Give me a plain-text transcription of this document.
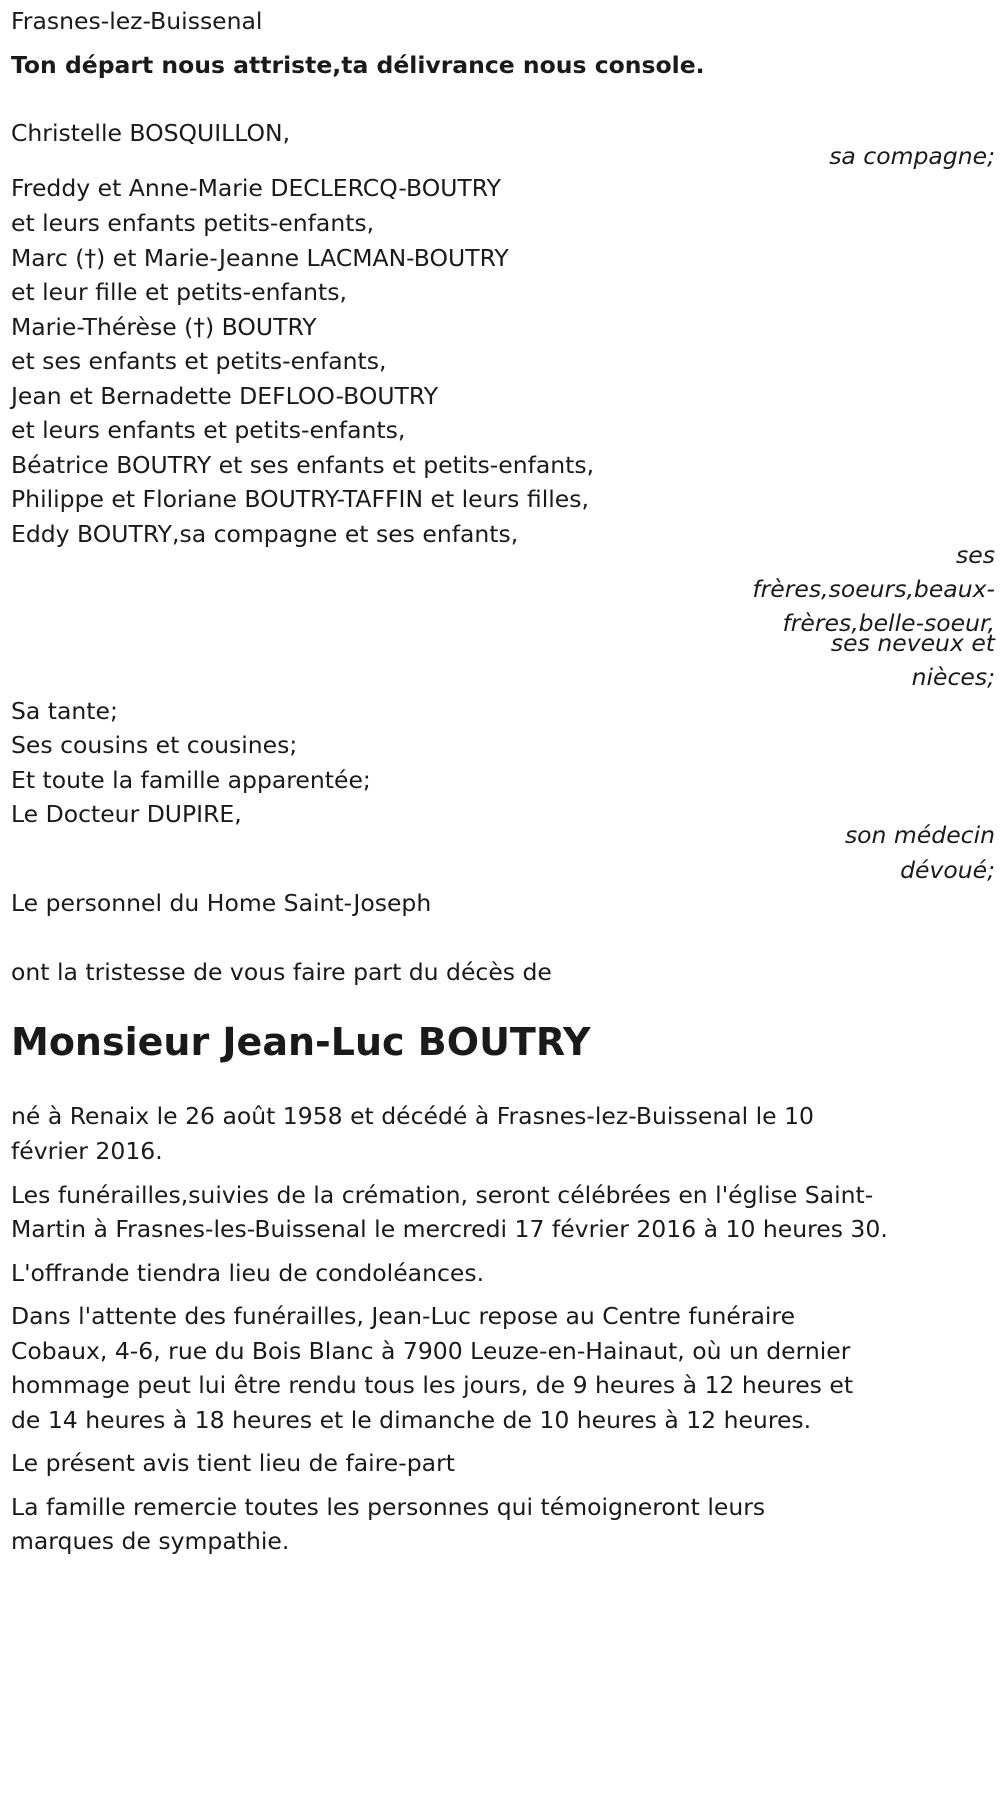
Frasnes-lez-Buissenal
Ton départ nous attriste,ta délivrance nous console.
Christelle BOSQUILLON,
sa compagne;
Freddy et Anne-Marie DECLERCQ-BOUTRY
et leurs enfants petits-enfants,
Marc (†) et Marie-Jeanne LACMAN-BOUTRY
et leur fille et petits-enfants,
Marie-Thérèse (†) BOUTRY
et ses enfants et petits-enfants,
Jean et Bernadette DEFLOO-BOUTRY
et leurs enfants et petits-enfants,
Béatrice BOUTRY et ses enfants et petits-enfants,
Philippe et Floriane BOUTRY-TAFFIN et leurs filles,
Eddy BOUTRY,sa compagne et ses enfants,
ses
frères,soeurs,beaux-
frères,belle-soeur,
ses neveux et
nièces;
Sa tante;
Ses cousins et cousines;
Et toute la famille apparentée;
Le Docteur DUPIRE,
son médecin
dévoué;
Le personnel du Home Saint-Joseph
ont la tristesse de vous faire part du décès de
Monsieur Jean-Luc BOUTRY
né à Renaix le 26 août 1958 et décédé à Frasnes-lez-Buissenal le 10
février 2016.
Les funérailles,suivies de la crémation, seront célébrées en l'église Saint-
Martin à Frasnes-les-Buissenal le mercredi 17 février 2016 à 10 heures 30.
L'offrande tiendra lieu de condoléances.
Dans l'attente des funérailles, Jean-Luc repose au Centre funéraire
Cobaux, 4-6, rue du Bois Blanc à 7900 Leuze-en-Hainaut, où un dernier
hommage peut lui être rendu tous les jours, de 9 heures à 12 heures et
de 14 heures à 18 heures et le dimanche de 10 heures à 12 heures.
Le présent avis tient lieu de faire-part
La famille remercie toutes les personnes qui témoigneront leurs
marques de sympathie.
